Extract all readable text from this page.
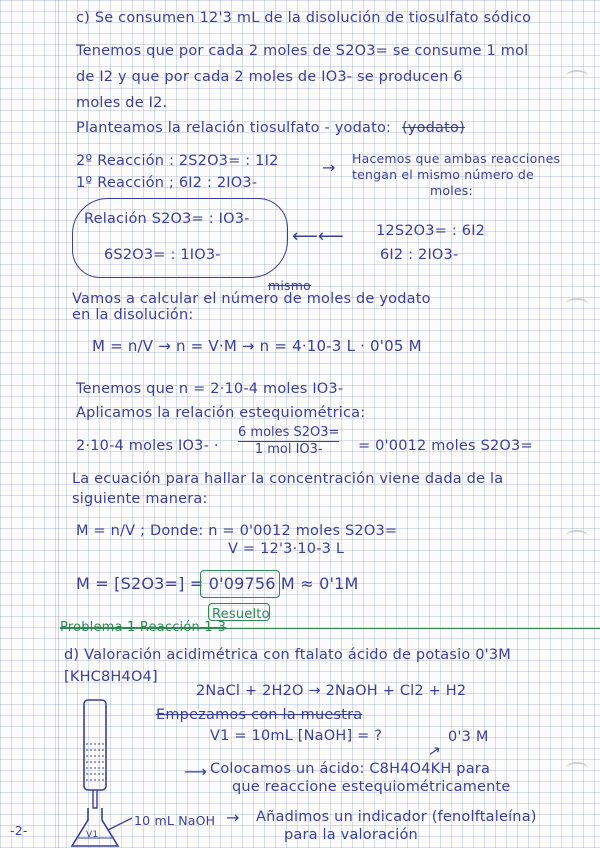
c) Se consumen 12'3 mL de la disolución de tiosulfato sódico
Tenemos que por cada 2 moles de S2O3= se consume 1 mol
de I2 y que por cada 2 moles de IO3- se producen 6
moles de I2.
Planteamos la relación tiosulfato - yodato: (yodato)
2º Reacción : 2S2O3= : 1I2
1º Reacción ; 6I2 : 2IO3-
→ Hacemos que ambas reacciones
tengan el mismo número de
moles:
Relación S2O3= : IO3-
6S2O3= : 1IO3-
⟵⟵ 12S2O3= : 6I2
6I2 : 2IO3-
Vamos a calcular el número de moles de yodato
mismo
en la disolución:
M = n/V → n = V·M → n = 4·10-3 L · 0'05 M
Tenemos que n = 2·10-4 moles IO3-
Aplicamos la relación estequiométrica:
2·10-4 moles IO3- ·
6 moles S2O3=
1 mol IO3-	= 0'0012 moles S2O3=
La ecuación para hallar la concentración viene dada de la
siguiente manera:
M = n/V ; Donde: n = 0'0012 moles S2O3=
V = 12'3·10-3 L
M = [S2O3=] = 0'09756 M ≈ 0'1M
Resuelto
Problema 1 Reacción 1-3
d) Valoración acidimétrica con ftalato ácido de potasio 0'3M
[KHC8H4O4]
2NaCl + 2H2O → 2NaOH + Cl2 + H2
Empezamos con la muestra
V1 = 10mL [NaOH] = ?	0'3 M
→
⟶ Colocamos un ácido: C8H4O4KH para
que reaccione estequiométricamente
10 mL NaOH → Añadimos un indicador (fenolftaleína)
para la valoración
-2-	V1
